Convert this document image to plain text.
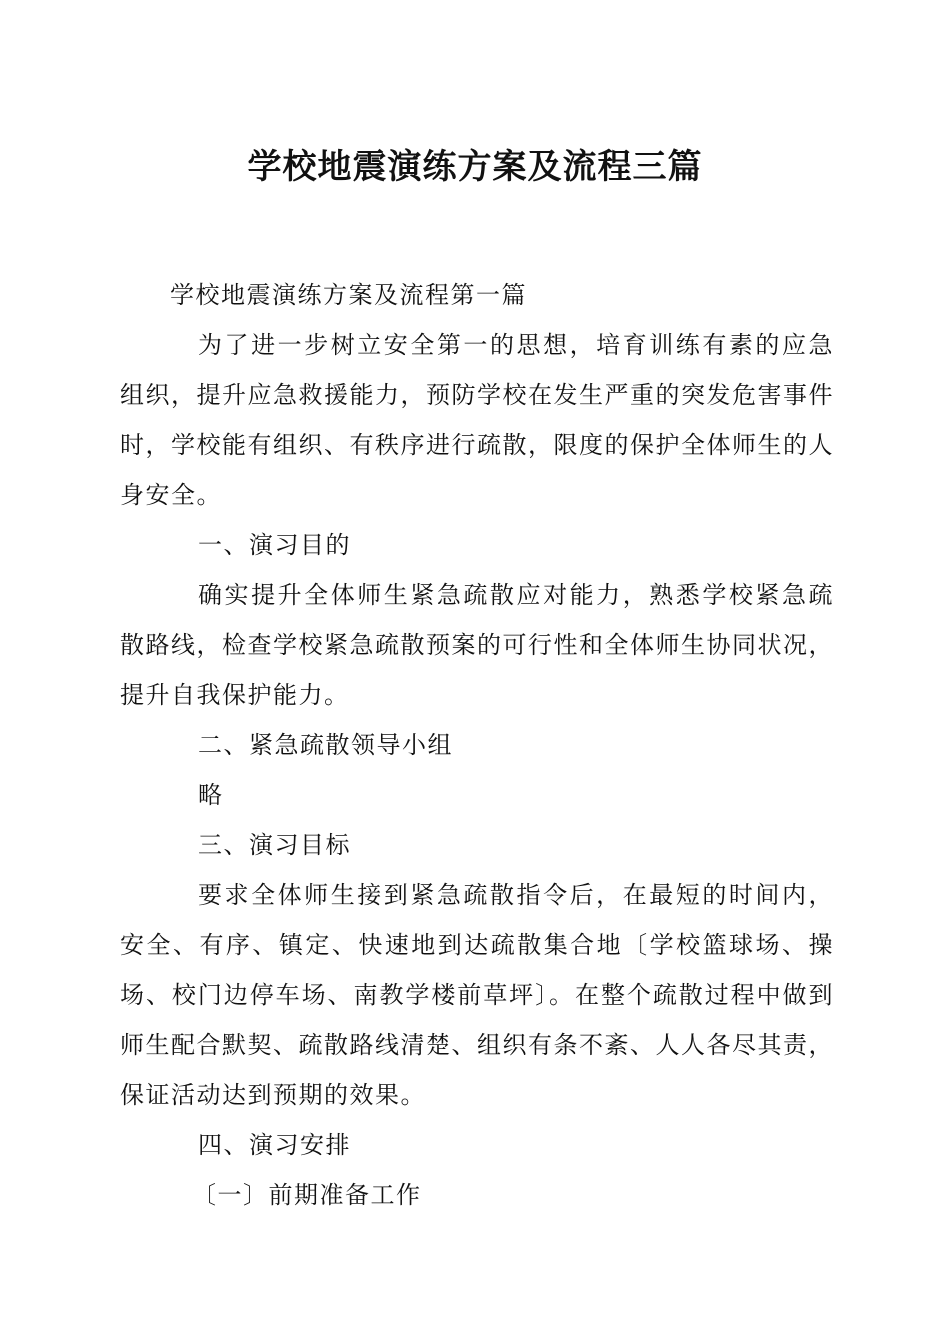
学校地震演练方案及流程三篇

学校地震演练方案及流程第一篇

为了进一步树立安全第一的思想，培育训练有素的应急组织，提升应急救援能力，预防学校在发生严重的突发危害事件时，学校能有组织、有秩序进行疏散，限度的保护全体师生的人身安全。

一、演习目的

确实提升全体师生紧急疏散应对能力，熟悉学校紧急疏散路线，检查学校紧急疏散预案的可行性和全体师生协同状况，提升自我保护能力。

二、紧急疏散领导小组

略

三、演习目标

要求全体师生接到紧急疏散指令后，在最短的时间内，安全、有序、镇定、快速地到达疏散集合地〔学校篮球场、操场、校门边停车场、南教学楼前草坪〕。在整个疏散过程中做到师生配合默契、疏散路线清楚、组织有条不紊、人人各尽其责，保证活动达到预期的效果。

四、演习安排

〔一〕前期准备工作
